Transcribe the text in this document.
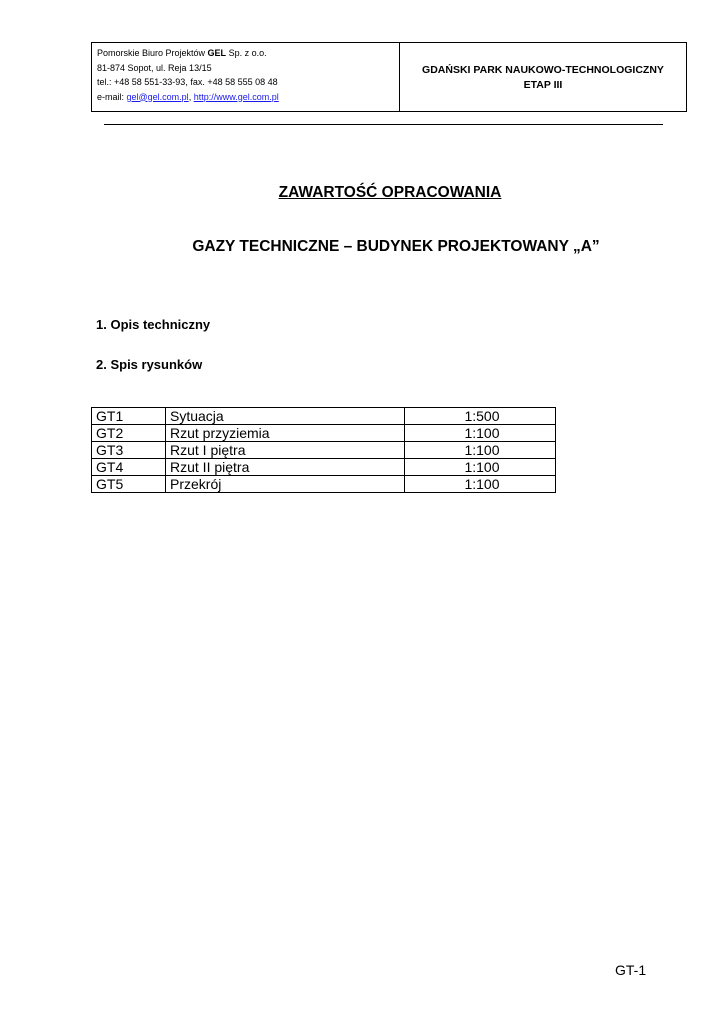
Pomorskie Biuro Projektów GEL Sp. z o.o.
81-874 Sopot, ul. Reja 13/15
tel.: +48 58 551-33-93, fax. +48 58 555 08 48
e-mail: gel@gel.com.pl, http://www.gel.com.pl
GDAŃSKI PARK NAUKOWO-TECHNOLOGICZNY
ETAP III
ZAWARTOŚĆ OPRACOWANIA
GAZY TECHNICZNE – BUDYNEK PROJEKTOWANY „A”
1. Opis techniczny
2. Spis rysunków
GT1	Sytuacja	1:500
GT2	Rzut przyziemia	1:100
GT3	Rzut I piętra	1:100
GT4	Rzut II piętra	1:100
GT5	Przekrój	1:100
GT-1
